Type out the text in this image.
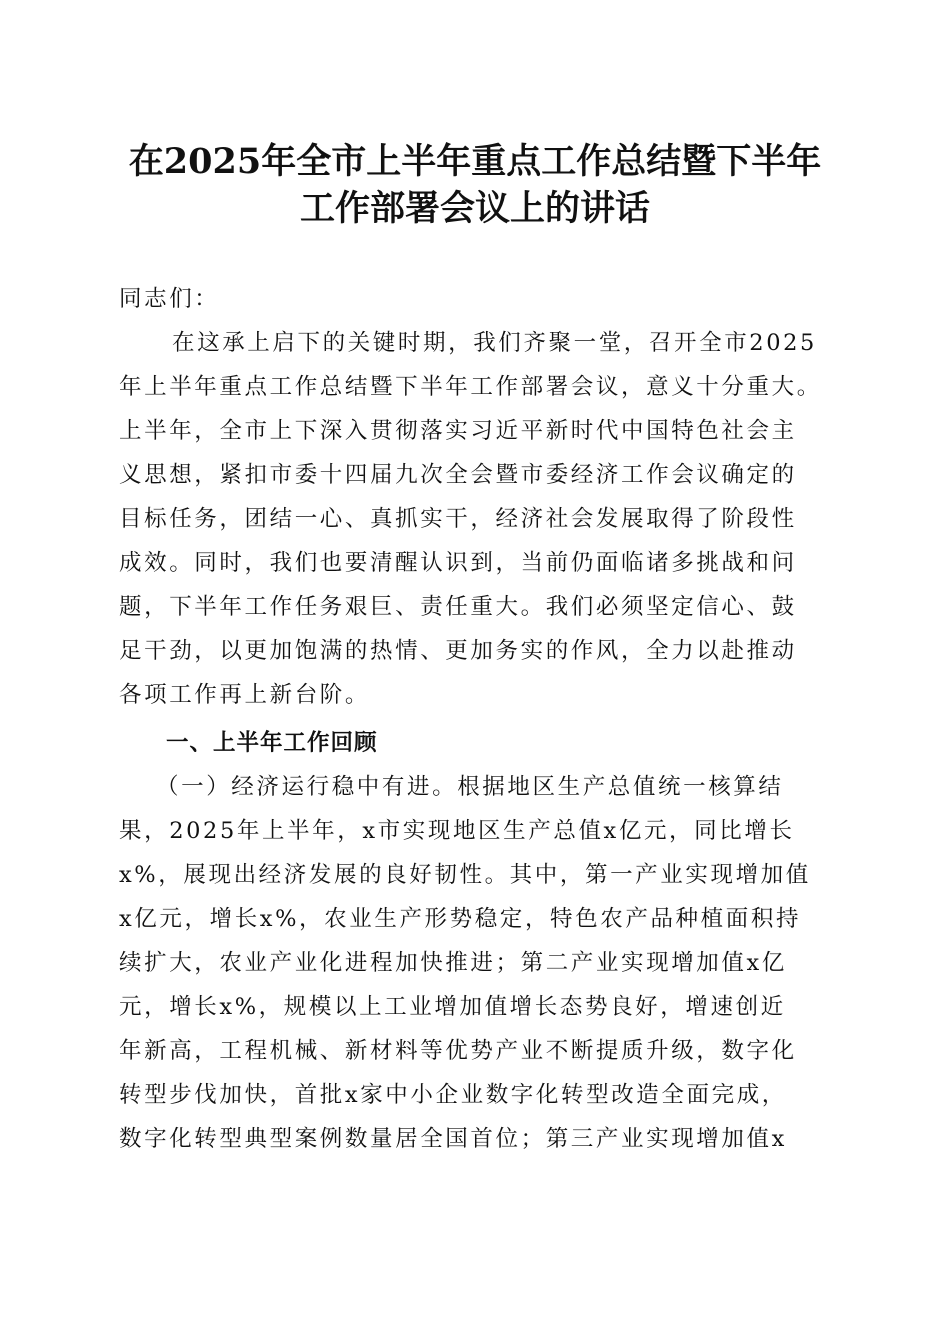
在2025年全市上半年重点工作总结暨下半年
工作部署会议上的讲话
同志们：
在这承上启下的关键时期，我们齐聚一堂，召开全市2025
年上半年重点工作总结暨下半年工作部署会议，意义十分重大。
上半年，全市上下深入贯彻落实习近平新时代中国特色社会主
义思想，紧扣市委十四届九次全会暨市委经济工作会议确定的
目标任务，团结一心、真抓实干，经济社会发展取得了阶段性
成效。同时，我们也要清醒认识到，当前仍面临诸多挑战和问
题，下半年工作任务艰巨、责任重大。我们必须坚定信心、鼓
足干劲，以更加饱满的热情、更加务实的作风，全力以赴推动
各项工作再上新台阶。
一、上半年工作回顾
（一）经济运行稳中有进。根据地区生产总值统一核算结
果，2025年上半年，x市实现地区生产总值x亿元，同比增长
x%，展现出经济发展的良好韧性。其中，第一产业实现增加值
x亿元，增长x%，农业生产形势稳定，特色农产品种植面积持
续扩大，农业产业化进程加快推进；第二产业实现增加值x亿
元，增长x%，规模以上工业增加值增长态势良好，增速创近
年新高，工程机械、新材料等优势产业不断提质升级，数字化
转型步伐加快，首批x家中小企业数字化转型改造全面完成，
数字化转型典型案例数量居全国首位；第三产业实现增加值x
